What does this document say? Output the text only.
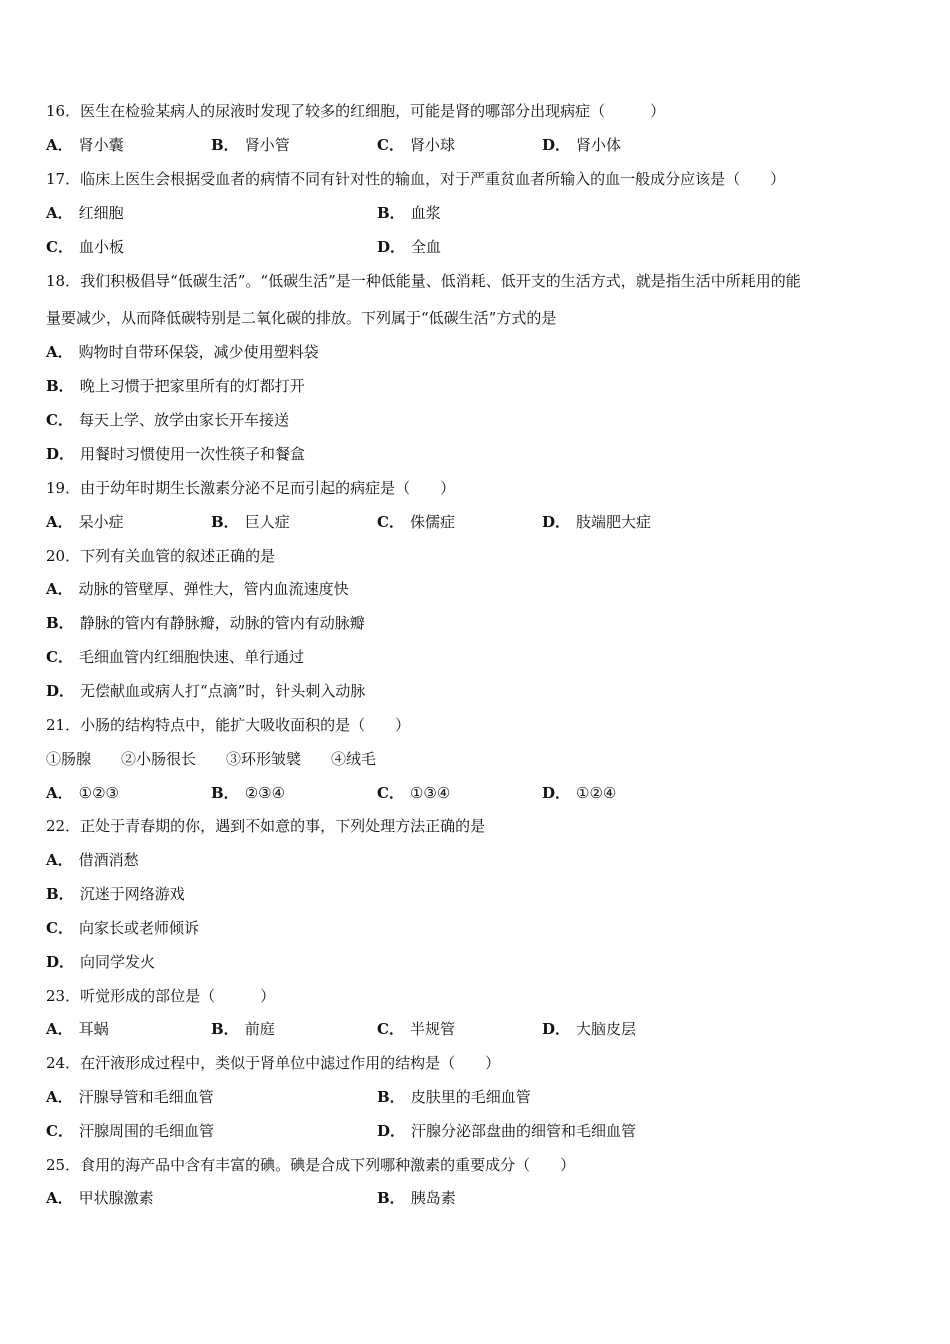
16．医生在检验某病人的尿液时发现了较多的红细胞，可能是肾的哪部分出现病症（　　　）
A． 肾小囊	B． 肾小管	C． 肾小球	D． 肾小体
17．临床上医生会根据受血者的病情不同有针对性的输血，对于严重贫血者所输入的血一般成分应该是（　　）
A． 红细胞	B． 血浆
C． 血小板	D． 全血
18．我们积极倡导“低碳生活”。“低碳生活”是一种低能量、低消耗、低开支的生活方式，就是指生活中所耗用的能
量要减少，从而降低碳特别是二氧化碳的排放。下列属于“低碳生活”方式的是
A． 购物时自带环保袋，减少使用塑料袋
B． 晚上习惯于把家里所有的灯都打开
C． 每天上学、放学由家长开车接送
D． 用餐时习惯使用一次性筷子和餐盒
19．由于幼年时期生长激素分泌不足而引起的病症是（　　）
A． 呆小症	B． 巨人症	C． 侏儒症	D． 肢端肥大症
20．下列有关血管的叙述正确的是
A． 动脉的管壁厚、弹性大，管内血流速度快
B． 静脉的管内有静脉瓣，动脉的管内有动脉瓣
C． 毛细血管内红细胞快速、单行通过
D． 无偿献血或病人打“点滴”时，针头刺入动脉
21．小肠的结构特点中，能扩大吸收面积的是（　　）
①肠腺　　②小肠很长　　③环形皱襞　　④绒毛
A． ①②③	B． ②③④	C． ①③④	D． ①②④
22．正处于青春期的你，遇到不如意的事，下列处理方法正确的是
A． 借酒消愁
B． 沉迷于网络游戏
C． 向家长或老师倾诉
D． 向同学发火
23．听觉形成的部位是（　　　）
A． 耳蜗	B． 前庭	C． 半规管	D． 大脑皮层
24．在汗液形成过程中，类似于肾单位中滤过作用的结构是（　　）
A． 汗腺导管和毛细血管	B． 皮肤里的毛细血管
C． 汗腺周围的毛细血管	D． 汗腺分泌部盘曲的细管和毛细血管
25．食用的海产品中含有丰富的碘。碘是合成下列哪种激素的重要成分（　　）
A． 甲状腺激素	B． 胰岛素
